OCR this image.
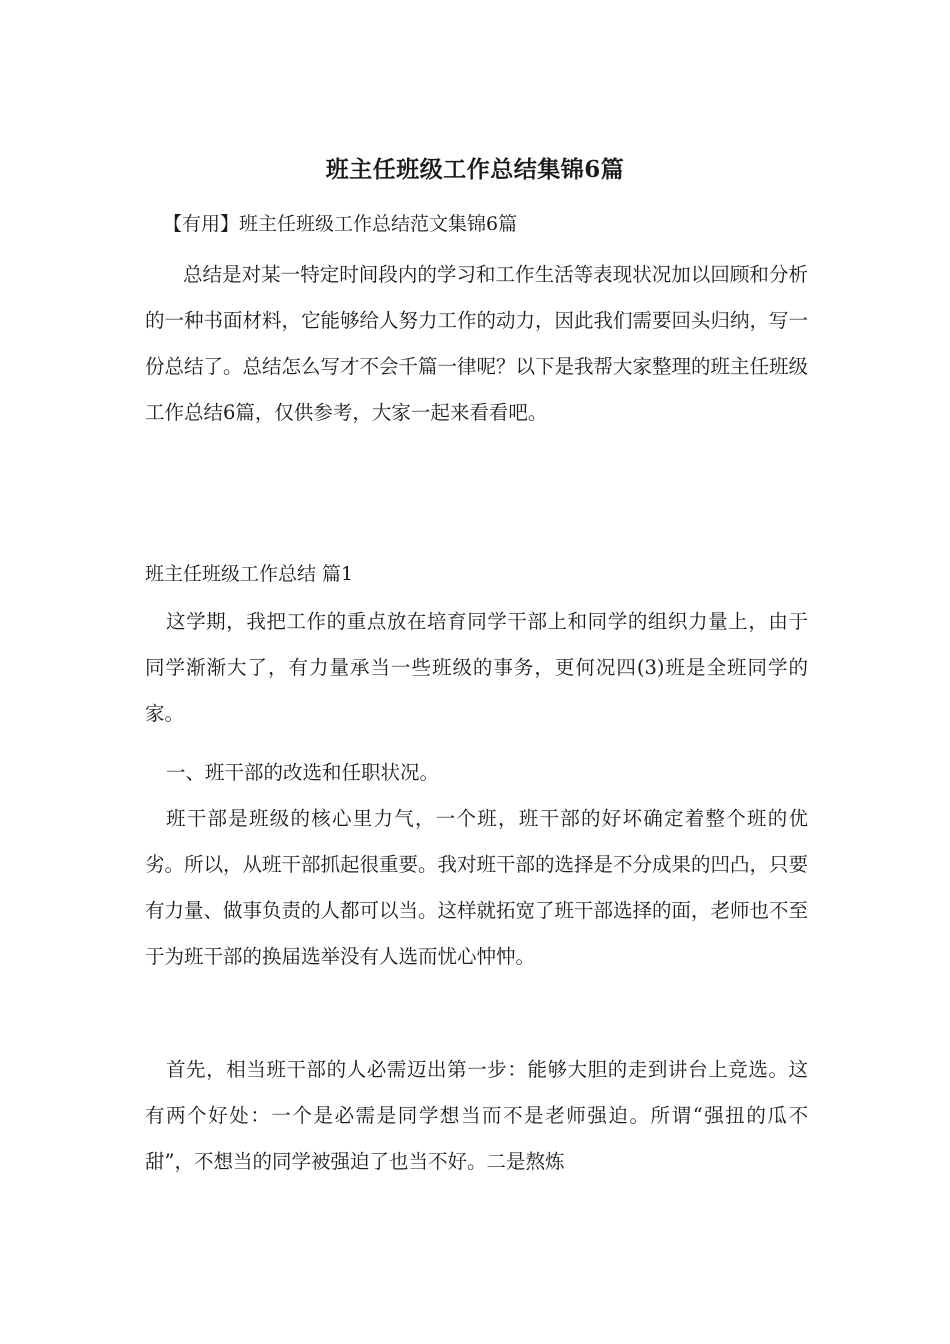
班主任班级工作总结集锦6篇
【有用】班主任班级工作总结范文集锦6篇

总结是对某一特定时间段内的学习和工作生活等表现状况加以回顾和分析的一种书面材料，它能够给人努力工作的动力，因此我们需要回头归纳，写一份总结了。总结怎么写才不会千篇一律呢？以下是我帮大家整理的班主任班级工作总结6篇，仅供参考，大家一起来看看吧。

班主任班级工作总结 篇1

这学期，我把工作的重点放在培育同学干部上和同学的组织力量上，由于同学渐渐大了，有力量承当一些班级的事务，更何况四(3)班是全班同学的家。

一、班干部的改选和任职状况。

班干部是班级的核心里力气，一个班，班干部的好坏确定着整个班的优劣。所以，从班干部抓起很重要。我对班干部的选择是不分成果的凹凸，只要有力量、做事负责的人都可以当。这样就拓宽了班干部选择的面，老师也不至于为班干部的换届选举没有人选而忧心忡忡。

首先，相当班干部的人必需迈出第一步：能够大胆的走到讲台上竞选。这有两个好处：一个是必需是同学想当而不是老师强迫。所谓“强扭的瓜不甜”，不想当的同学被强迫了也当不好。二是熬炼
